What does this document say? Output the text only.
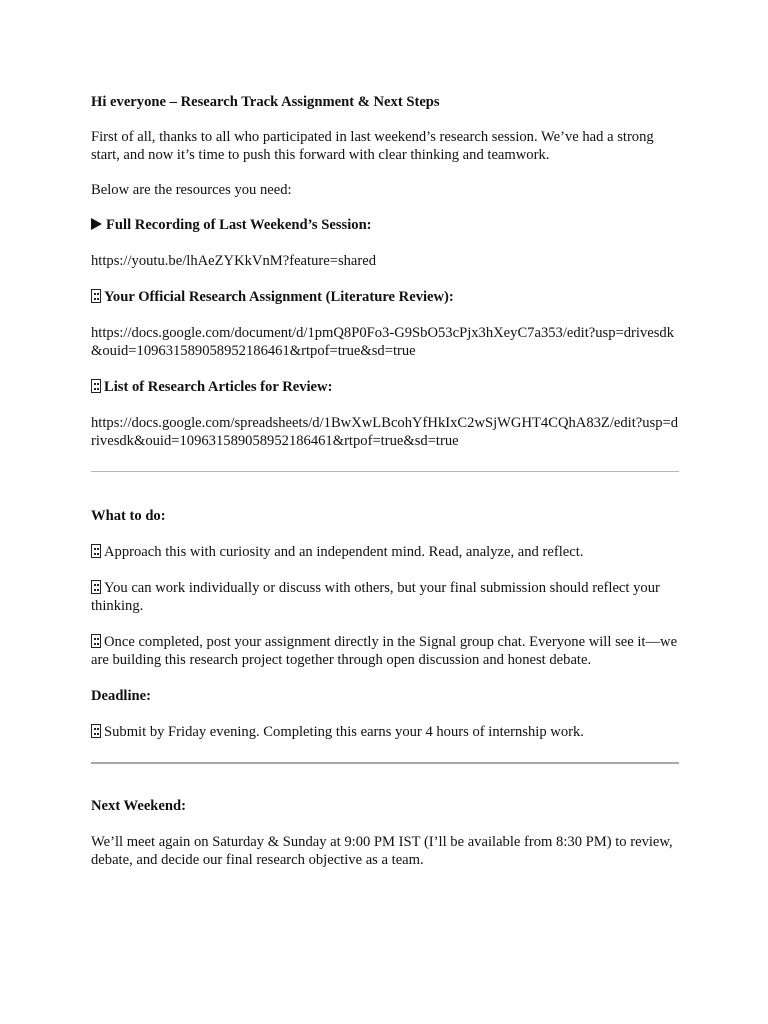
Hi everyone – Research Track Assignment & Next Steps

First of all, thanks to all who participated in last weekend’s research session. We’ve had a strong start, and now it’s time to push this forward with clear thinking and teamwork.

Below are the resources you need:

Full Recording of Last Weekend’s Session:

https://youtu.be/lhAeZYKkVnM?feature=shared

Your Official Research Assignment (Literature Review):

https://docs.google.com/document/d/1pmQ8P0Fo3-G9SbO53cPjx3hXeyC7a353/edit?usp=drivesdk&ouid=109631589058952186461&rtpof=true&sd=true

List of Research Articles for Review:

https://docs.google.com/spreadsheets/d/1BwXwLBcohYfHkIxC2wSjWGHT4CQhA83Z/edit?usp=drivesdk&ouid=109631589058952186461&rtpof=true&sd=true

What to do:

Approach this with curiosity and an independent mind. Read, analyze, and reflect.

You can work individually or discuss with others, but your final submission should reflect your thinking.

Once completed, post your assignment directly in the Signal group chat. Everyone will see it—we are building this research project together through open discussion and honest debate.

Deadline:

Submit by Friday evening. Completing this earns your 4 hours of internship work.

Next Weekend:

We’ll meet again on Saturday & Sunday at 9:00 PM IST (I’ll be available from 8:30 PM) to review, debate, and decide our final research objective as a team.
